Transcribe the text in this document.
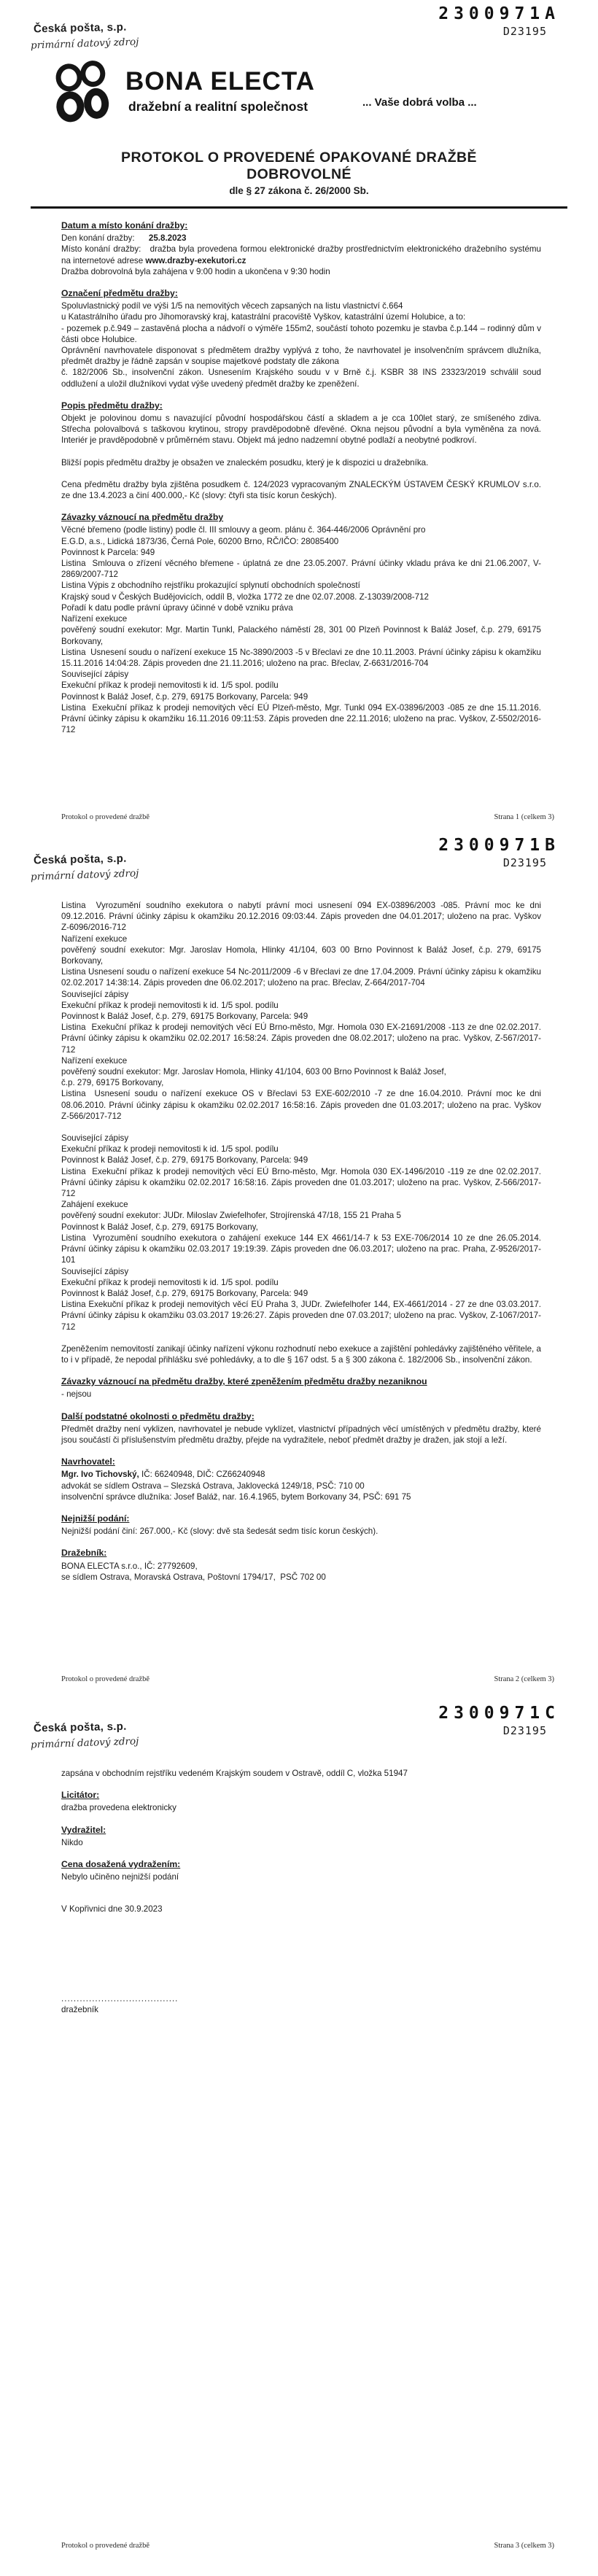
Česká pošta, s.p.
primární datový zdroj
2300971A
D23195
BONA ELECTA
dražební a realitní společnost	... Vaše dobrá volba ...
PROTOKOL O PROVEDENÉ OPAKOVANÉ DRAŽBĚ
DOBROVOLNÉ
dle § 27 zákona č. 26/2000 Sb.
Datum a místo konání dražby:
Den konání dražby:      25.8.2023
Místo konání dražby:   dražba byla provedena formou elektronické dražby prostřednictvím elektronického dražebního systému na internetové adrese www.drazby-exekutori.cz
Dražba dobrovolná byla zahájena v 9:00 hodin a ukončena v 9:30 hodin
Označení předmětu dražby:
Spoluvlastnický podíl ve výši 1/5 na nemovitých věcech zapsaných na listu vlastnictví č.664
u Katastrálního úřadu pro Jihomoravský kraj, katastrální pracoviště Vyškov, katastrální území Holubice, a to:
- pozemek p.č.949 – zastavěná plocha a nádvoří o výměře 155m2, součástí tohoto pozemku je stavba č.p.144 – rodinný dům v části obce Holubice.
Oprávnění navrhovatele disponovat s předmětem dražby vyplývá z toho, že navrhovatel je insolvenčním správcem dlužníka, předmět dražby je řádně zapsán v soupise majetkové podstaty dle zákona
č. 182/2006 Sb., insolvenční zákon. Usnesením Krajského soudu v v Brně č.j. KSBR 38 INS 23323/2019 schválil soud oddlužení a uložil dlužníkovi vydat výše uvedený předmět dražby ke zpeněžení.
Popis předmětu dražby:
Objekt je polovinou domu s navazující původní hospodářskou částí a skladem a je cca 100let starý, ze smíšeného zdiva. Střecha polovalbová s taškovou krytinou, stropy pravděpodobně dřevěné. Okna nejsou původní a byla vyměněna za nová. Interiér je pravděpodobně v průměrném stavu. Objekt má jedno nadzemní obytné podlaží a neobytné podkroví.
Bližší popis předmětu dražby je obsažen ve znaleckém posudku, který je k dispozici u dražebníka.
Cena předmětu dražby byla zjištěna posudkem č. 124/2023 vypracovaným ZNALECKÝM ÚSTAVEM ČESKÝ KRUMLOV s.r.o.  ze dne 13.4.2023 a činí 400.000,- Kč (slovy: čtyři sta tisíc korun českých).
Závazky váznoucí na předmětu dražby
Věcné břemeno (podle listiny) podle čl. III smlouvy a geom. plánu č. 364-446/2006 Oprávnění pro
E.G.D, a.s., Lidická 1873/36, Černá Pole, 60200 Brno, RČ/IČO: 28085400
Povinnost k Parcela: 949
Listina  Smlouva o zřízení věcného břemene - úplatná ze dne 23.05.2007. Právní účinky vkladu práva ke dni 21.06.2007, V-2869/2007-712
Listina Výpis z obchodního rejstříku prokazující splynutí obchodních společností
Krajský soud v Českých Budějovicích, oddíl B, vložka 1772 ze dne 02.07.2008. Z-13039/2008-712
Pořadí k datu podle právní úpravy účinné v době vzniku práva
Nařízení exekuce
pověřený soudní exekutor: Mgr. Martin Tunkl, Palackého náměstí 28, 301 00 Plzeň Povinnost k Baláž Josef, č.p. 279, 69175 Borkovany,
Listina  Usnesení soudu o nařízení exekuce 15 Nc-3890/2003 -5 v Břeclavi ze dne 10.11.2003. Právní účinky zápisu k okamžiku 15.11.2016 14:04:28. Zápis proveden dne 21.11.2016; uloženo na prac. Břeclav, Z-6631/2016-704
Související zápisy
Exekuční příkaz k prodeji nemovitosti k id. 1/5 spol. podílu
Povinnost k Baláž Josef, č.p. 279, 69175 Borkovany, Parcela: 949
Listina  Exekuční příkaz k prodeji nemovitých věcí EÚ Plzeň-město, Mgr. Tunkl 094 EX-03896/2003 -085 ze dne 15.11.2016. Právní účinky zápisu k okamžiku 16.11.2016 09:11:53. Zápis proveden dne 22.11.2016; uloženo na prac. Vyškov, Z-5502/2016-712
Protokol o provedené dražbě	Strana 1 (celkem 3)
Česká pošta, s.p.
primární datový zdroj
2300971B
D23195
Listina  Vyrozumění soudního exekutora o nabytí právní moci usnesení 094 EX-03896/2003 -085. Právní moc ke dni 09.12.2016. Právní účinky zápisu k okamžiku 20.12.2016 09:03:44. Zápis proveden dne 04.01.2017; uloženo na prac. Vyškov Z-6096/2016-712
Nařízení exekuce
pověřený soudní exekutor: Mgr. Jaroslav Homola, Hlinky 41/104, 603 00 Brno Povinnost k Baláž Josef, č.p. 279, 69175 Borkovany,
Listina Usnesení soudu o nařízení exekuce 54 Nc-2011/2009 -6 v Břeclavi ze dne 17.04.2009. Právní účinky zápisu k okamžiku 02.02.2017 14:38:14. Zápis proveden dne 06.02.2017; uloženo na prac. Břeclav, Z-664/2017-704
Související zápisy
Exekuční příkaz k prodeji nemovitosti k id. 1/5 spol. podílu
Povinnost k Baláž Josef, č.p. 279, 69175 Borkovany, Parcela: 949
Listina  Exekuční příkaz k prodeji nemovitých věcí EÚ Brno-město, Mgr. Homola 030 EX-21691/2008 -113 ze dne 02.02.2017. Právní účinky zápisu k okamžiku 02.02.2017 16:58:24. Zápis proveden dne 08.02.2017; uloženo na prac. Vyškov, Z-567/2017-712
Nařízení exekuce
pověřený soudní exekutor: Mgr. Jaroslav Homola, Hlinky 41/104, 603 00 Brno Povinnost k Baláž Josef,
č.p. 279, 69175 Borkovany,
Listina  Usnesení soudu o nařízení exekuce OS v Břeclavi 53 EXE-602/2010 -7 ze dne 16.04.2010. Právní moc ke dni 08.06.2010. Právní účinky zápisu k okamžiku 02.02.2017 16:58:16. Zápis proveden dne 01.03.2017; uloženo na prac. Vyškov Z-566/2017-712
Související zápisy
Exekuční příkaz k prodeji nemovitosti k id. 1/5 spol. podílu
Povinnost k Baláž Josef, č.p. 279, 69175 Borkovany, Parcela: 949
Listina  Exekuční příkaz k prodeji nemovitých věcí EÚ Brno-město, Mgr. Homola 030 EX-1496/2010 -119 ze dne 02.02.2017. Právní účinky zápisu k okamžiku 02.02.2017 16:58:16. Zápis proveden dne 01.03.2017; uloženo na prac. Vyškov, Z-566/2017-712
Zahájení exekuce
pověřený soudní exekutor: JUDr. Miloslav Zwiefelhofer, Strojírenská 47/18, 155 21 Praha 5
Povinnost k Baláž Josef, č.p. 279, 69175 Borkovany,
Listina  Vyrozumění soudního exekutora o zahájení exekuce 144 EX 4661/14-7 k 53 EXE-706/2014 10 ze dne 26.05.2014. Právní účinky zápisu k okamžiku 02.03.2017 19:19:39. Zápis proveden dne 06.03.2017; uloženo na prac. Praha, Z-9526/2017-101
Související zápisy
Exekuční příkaz k prodeji nemovitosti k id. 1/5 spol. podílu
Povinnost k Baláž Josef, č.p. 279, 69175 Borkovany, Parcela: 949
Listina Exekuční příkaz k prodeji nemovitých věcí EÚ Praha 3, JUDr. Zwiefelhofer 144, EX-4661/2014 - 27 ze dne 03.03.2017. Právní účinky zápisu k okamžiku 03.03.2017 19:26:27. Zápis proveden dne 07.03.2017; uloženo na prac. Vyškov, Z-1067/2017-712
Zpeněžením nemovitostí zanikají účinky nařízení výkonu rozhodnutí nebo exekuce a zajištění pohledávky zajištěného věřitele, a to i v případě, že nepodal přihlášku své pohledávky, a to dle § 167 odst. 5 a § 300 zákona č. 182/2006 Sb., insolvenční zákon.
Závazky váznoucí na předmětu dražby, které zpeněžením předmětu dražby nezaniknou
- nejsou
Další podstatné okolnosti o předmětu dražby:
Předmět dražby není vyklizen, navrhovatel je nebude vyklízet, vlastnictví případných věcí umístěných v předmětu dražby, které jsou součástí či příslušenstvím předmětu dražby, přejde na vydražitele, neboť předmět dražby je dražen, jak stojí a leží.
Navrhovatel:
Mgr. Ivo Tichovský, IČ: 66240948, DIČ: CZ66240948
advokát se sídlem Ostrava – Slezská Ostrava, Jaklovecká 1249/18, PSČ: 710 00
insolvenční správce dlužníka: Josef Baláž, nar. 16.4.1965, bytem Borkovany 34, PSČ: 691 75
Nejnižší podání:
Nejnižší podání činí: 267.000,- Kč (slovy: dvě sta šedesát sedm tisíc korun českých).
Dražebník:
BONA ELECTA s.r.o., IČ: 27792609,
se sídlem Ostrava, Moravská Ostrava, Poštovní 1794/17,  PSČ 702 00
Protokol o provedené dražbě	Strana 2 (celkem 3)
Česká pošta, s.p.
primární datový zdroj
2300971C
D23195
zapsána v obchodním rejstříku vedeném Krajským soudem v Ostravě, oddíl C, vložka 51947
Licitátor:
dražba provedena elektronicky
Vydražitel:
Nikdo
Cena dosažená vydražením:
Nebylo učiněno nejnižší podání
V Kopřivnici dne 30.9.2023
......................................
dražebník
Protokol o provedené dražbě	Strana 3 (celkem 3)
